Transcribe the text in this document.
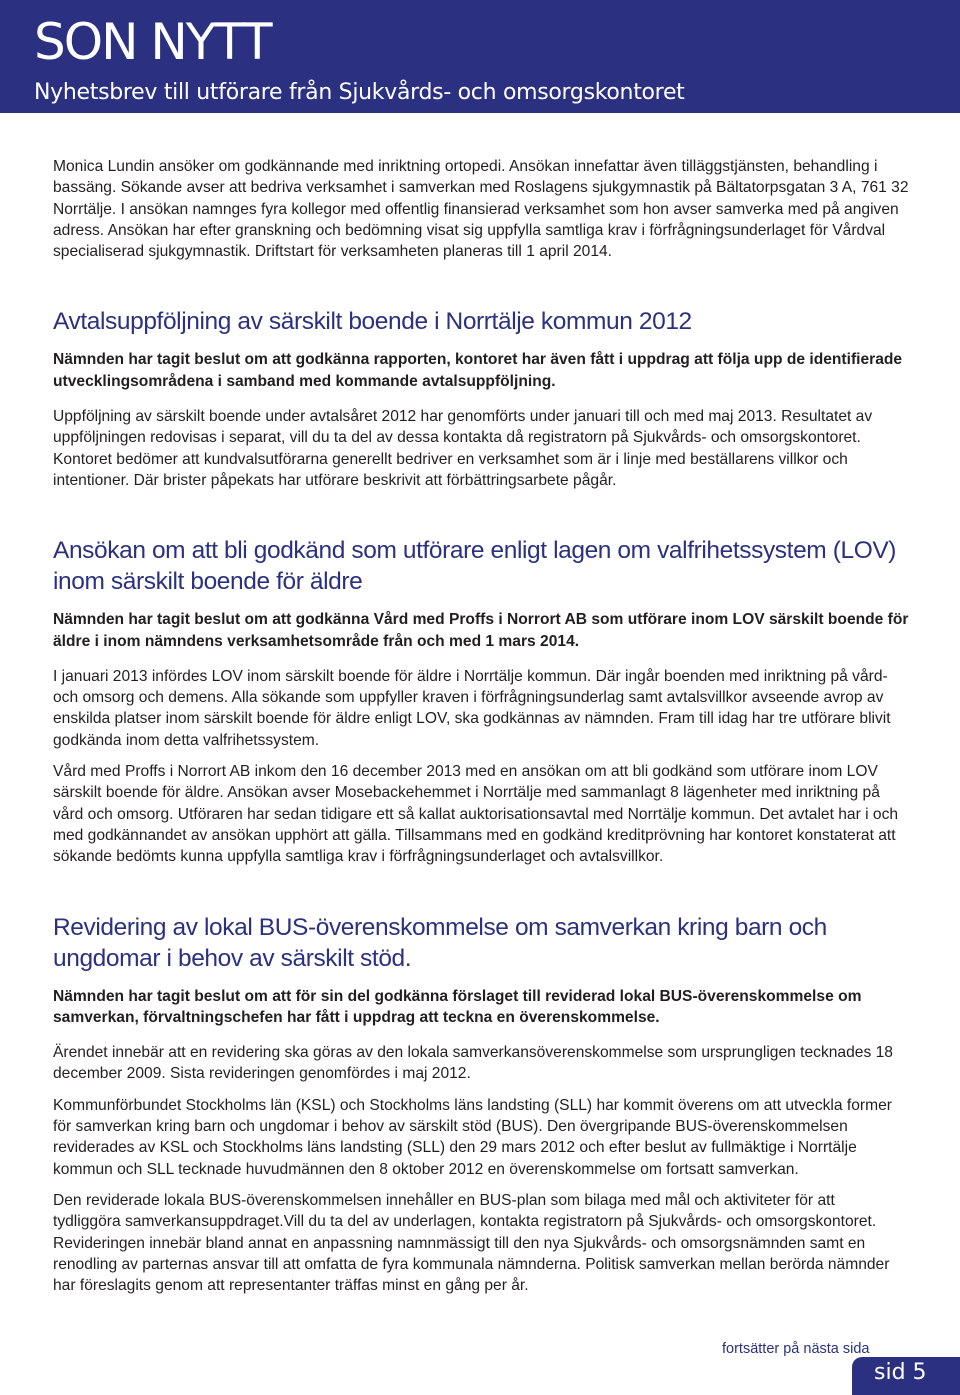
SON NYTT
Nyhetsbrev till utförare från Sjukvårds- och omsorgskontoret

Monica Lundin ansöker om godkännande med inriktning ortopedi. Ansökan innefattar även tilläggstjänsten, behandling i bassäng. Sökande avser att bedriva verksamhet i samverkan med Roslagens sjukgymnastik på Bältatorpsgatan 3 A, 761 32 Norrtälje. I ansökan namnges fyra kollegor med offentlig finansierad verksamhet som hon avser samverka med på angiven adress. Ansökan har efter granskning och bedömning visat sig uppfylla samtliga krav i förfrågningsunderlaget för Vårdval specialiserad sjukgymnastik. Driftstart för verksamheten planeras till 1 april 2014.

Avtalsuppföljning av särskilt boende i Norrtälje kommun 2012

Nämnden har tagit beslut om att godkänna rapporten, kontoret har även fått i uppdrag att följa upp de identifierade utvecklingsområdena i samband med kommande avtalsuppföljning.

Uppföljning av särskilt boende under avtalsåret 2012 har genomförts under januari till och med maj 2013. Resultatet av uppföljningen redovisas i separat, vill du ta del av dessa kontakta då registratorn på Sjukvårds- och omsorgskontoret. Kontoret bedömer att kundvalsutförarna generellt bedriver en verksamhet som är i linje med beställarens villkor och intentioner. Där brister påpekats har utförare beskrivit att förbättringsarbete pågår.

Ansökan om att bli godkänd som utförare enligt lagen om valfrihetssystem (LOV) inom särskilt boende för äldre

Nämnden har tagit beslut om att godkänna Vård med Proffs i Norrort AB som utförare inom LOV särskilt boende för äldre i inom nämndens verksamhetsområde från och med 1 mars 2014.

I januari 2013 infördes LOV inom särskilt boende för äldre i Norrtälje kommun. Där ingår boenden med inriktning på vård- och omsorg och demens. Alla sökande som uppfyller kraven i förfrågningsunderlag samt avtalsvillkor avseende avrop av enskilda platser inom särskilt boende för äldre enligt LOV, ska godkännas av nämnden. Fram till idag har tre utförare blivit godkända inom detta valfrihetssystem.

Vård med Proffs i Norrort AB inkom den 16 december 2013 med en ansökan om att bli godkänd som utförare inom LOV särskilt boende för äldre. Ansökan avser Mosebackehemmet i Norrtälje med sammanlagt 8 lägenheter med inriktning på vård och omsorg. Utföraren har sedan tidigare ett så kallat auktorisationsavtal med Norrtälje kommun. Det avtalet har i och med godkännandet av ansökan upphört att gälla. Tillsammans med en godkänd kreditprövning har kontoret konstaterat att sökande bedömts kunna uppfylla samtliga krav i förfrågningsunderlaget och avtalsvillkor.

Revidering av lokal BUS-överenskommelse om samverkan kring barn och ungdomar i behov av särskilt stöd.

Nämnden har tagit beslut om att för sin del godkänna förslaget till reviderad lokal BUS-överenskommelse om samverkan, förvaltningschefen har fått i uppdrag att teckna en överenskommelse.

Ärendet innebär att en revidering ska göras av den lokala samverkansöverenskommelse som ursprungligen tecknades 18 december 2009. Sista revideringen genomfördes i maj 2012.

Kommunförbundet Stockholms län (KSL) och Stockholms läns landsting (SLL) har kommit överens om att utveckla former för samverkan kring barn och ungdomar i behov av särskilt stöd (BUS). Den övergripande BUS-överenskommelsen reviderades av KSL och Stockholms läns landsting (SLL) den 29 mars 2012 och efter beslut av fullmäktige i Norrtälje kommun och SLL tecknade huvudmännen den 8 oktober 2012 en överenskommelse om fortsatt samverkan.

Den reviderade lokala BUS-överenskommelsen innehåller en BUS-plan som bilaga med mål och aktiviteter för att tydliggöra samverkansuppdraget.Vill du ta del av underlagen, kontakta registratorn på Sjukvårds- och omsorgskontoret. Revideringen innebär bland annat en anpassning namnmässigt till den nya Sjukvårds- och omsorgsnämnden samt en renodling av parternas ansvar till att omfatta de fyra kommunala nämnderna. Politisk samverkan mellan berörda nämnder har föreslagits genom att representanter träffas minst en gång per år.

fortsätter på nästa sida
sid 5
